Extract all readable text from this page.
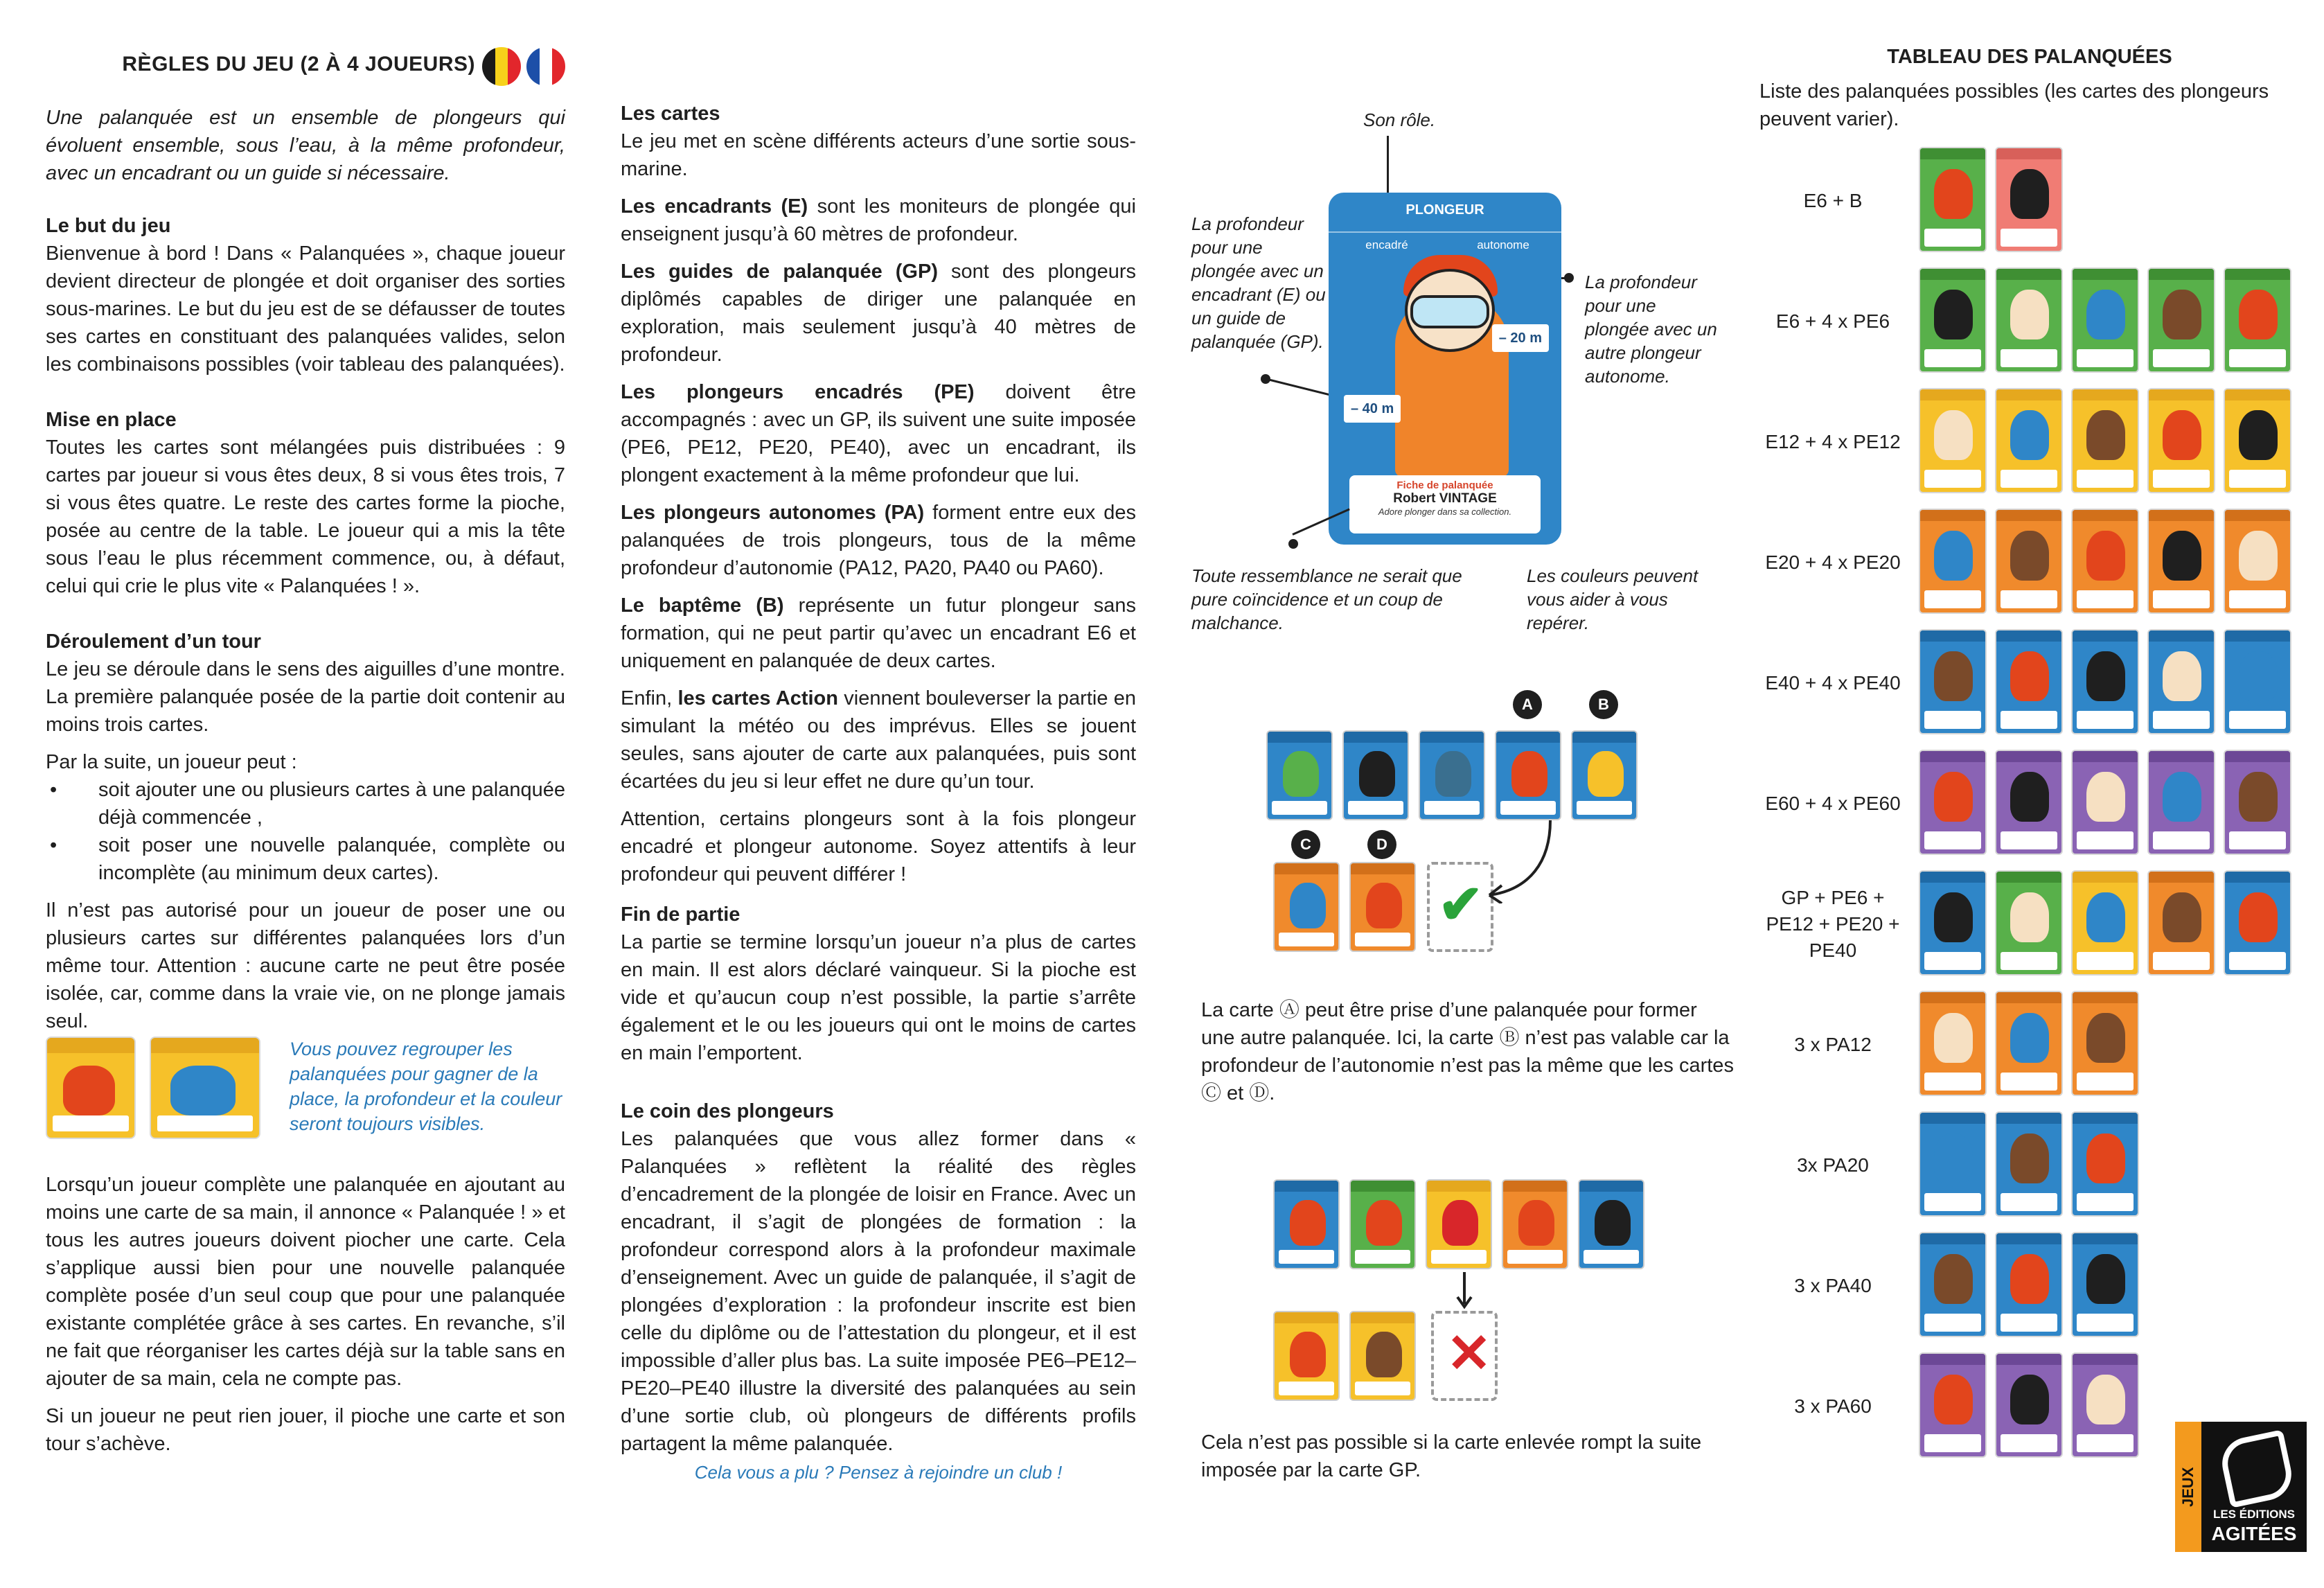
RÈGLES DU JEU (2 À 4 JOUEURS)

Une palanquée est un ensemble de plongeurs qui évoluent ensemble, sous l’eau, à la même profondeur, avec un encadrant ou un guide si nécessaire.

Le but du jeu

Bienvenue à bord ! Dans « Palanquées », chaque joueur devient directeur de plongée et doit organiser des sorties sous-marines. Le but du jeu est de se défausser de toutes ses cartes en constituant des palanquées valides, selon les combinaisons possibles (voir tableau des palanquées).

Mise en place

Toutes les cartes sont mélangées puis distribuées : 9 cartes par joueur si vous êtes deux, 8 si vous êtes trois, 7 si vous êtes quatre. Le reste des cartes forme la pioche, posée au centre de la table. Le joueur qui a mis la tête sous l’eau le plus récemment commence, ou, à défaut, celui qui crie le plus vite « Palanquées ! ».

Déroulement d’un tour

Le jeu se déroule dans le sens des aiguilles d’une montre. La première palanquée posée de la partie doit contenir au moins trois cartes.

Par la suite, un joueur peut :

• soit ajouter une ou plusieurs cartes à une palanquée déjà commencée ,
• soit poser une nouvelle palanquée, complète ou incomplète (au minimum deux cartes).

Il n’est pas autorisé pour un joueur de poser une ou plusieurs cartes sur différentes palanquées lors d’un même tour. Attention : aucune carte ne peut être posée isolée, car, comme dans la vraie vie, on ne plonge jamais seul.

Vous pouvez regrouper les palanquées pour gagner de la place, la profondeur et la couleur seront toujours visibles.

Lorsqu’un joueur complète une palanquée en ajoutant au moins une carte de sa main, il annonce « Palanquée ! » et tous les autres joueurs doivent piocher une carte. Cela s’applique aussi bien pour une nouvelle palanquée complète posée d’un seul coup que pour une palanquée existante complétée grâce à ses cartes. En revanche, s’il ne fait que réorganiser les cartes déjà sur la table sans en ajouter de sa main, cela ne compte pas.

Si un joueur ne peut rien jouer, il pioche une carte et son tour s’achève.

Les cartes

Le jeu met en scène différents acteurs d’une sortie sous-marine.

Les encadrants (E) sont les moniteurs de plongée qui enseignent jusqu’à 60 mètres de profondeur.

Les guides de palanquée (GP) sont des plongeurs diplômés capables de diriger une palanquée en exploration, mais seulement jusqu’à 40 mètres de profondeur.

Les plongeurs encadrés (PE) doivent être accompagnés : avec un GP, ils suivent une suite imposée (PE6, PE12, PE20, PE40), avec un encadrant, ils plongent exactement à la même profondeur que lui.

Les plongeurs autonomes (PA) forment entre eux des palanquées de trois plongeurs, tous de la même profondeur d’autonomie (PA12, PA20, PA40 ou PA60).

Le baptême (B) représente un futur plongeur sans formation, qui ne peut partir qu’avec un encadrant E6 et uniquement en palanquée de deux cartes.

Enfin, les cartes Action viennent bouleverser la partie en simulant la météo ou des imprévus. Elles se jouent seules, sans ajouter de carte aux palanquées, puis sont écartées du jeu si leur effet ne dure qu’un tour.

Attention, certains plongeurs sont à la fois plongeur encadré et plongeur autonome. Soyez attentifs à leur profondeur qui peuvent différer !

Fin de partie

La partie se termine lorsqu’un joueur n’a plus de cartes en main. Il est alors déclaré vainqueur. Si la pioche est vide et qu’aucun coup n’est possible, la partie s’arrête également et le ou les joueurs qui ont le moins de cartes en main l’emportent.

Le coin des plongeurs

Les palanquées que vous allez former dans « Palanquées » reflètent la réalité des règles d’encadrement de la plongée de loisir en France. Avec un encadrant, il s’agit de plongées de formation : la profondeur correspond alors à la profondeur maximale d’enseignement. Avec un guide de palanquée, il s’agit de plongées d’exploration : la profondeur inscrite est bien celle du diplôme ou de l’attestation du plongeur, et il est impossible d’aller plus bas. La suite imposée PE6–PE12–PE20–PE40 illustre la diversité des palanquées au sein d’une sortie club, où plongeurs de différents profils partagent la même palanquée.

Cela vous a plu ? Pensez à rejoindre un club !
Son rôle.
La profondeur pour une plongée avec un encadrant (E) ou un guide de palanquée (GP).
La profondeur pour une plongée avec un autre plongeur autonome.
PLONGEUR
encadré	autonome
– 40 m
– 20 m
Fiche de palanquée
Robert VINTAGE
Adore plonger dans sa collection.
Toute ressemblance ne serait que pure coïncidence et un coup de malchance.
Les couleurs peuvent vous aider à vous repérer.
A	B
C	D
✔
La carte Ⓐ peut être prise d’une palanquée pour former une autre palanquée. Ici, la carte Ⓑ n’est pas valable car la profondeur de l’autonomie n’est pas la même que les cartes Ⓒ et Ⓓ.
✕
Cela n’est pas possible si la carte enlevée rompt la suite imposée par la carte GP.
TABLEAU DES PALANQUÉES
Liste des palanquées possibles (les cartes des plongeurs peuvent varier).
E6 + B
E6 + 4 x PE6
E12 + 4 x PE12
E20 + 4 x PE20
E40 + 4 x PE40
E60 + 4 x PE60
GP + PE6 + PE12 + PE20 + PE40
3 x PA12
3x PA20
3 x PA40
3 x PA60
JEUX
LES ÉDITIONS
AGITÉES
